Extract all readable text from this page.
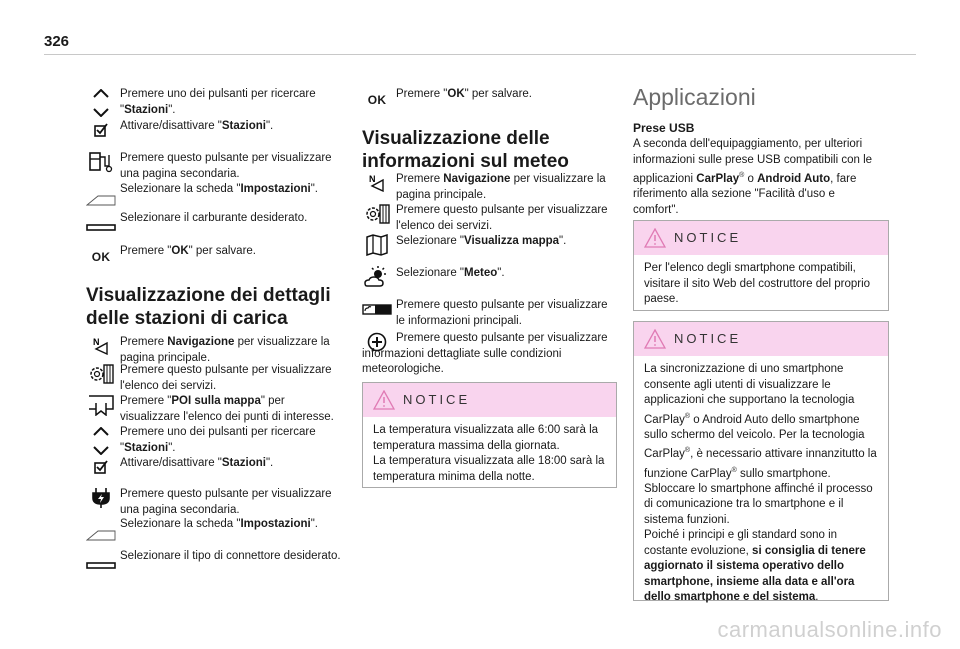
326
Premere uno dei pulsanti per ricercare "Stazioni".
Attivare/disattivare "Stazioni".
Premere questo pulsante per visualizzare una pagina secondaria.
Selezionare la scheda "Impostazioni".
Selezionare il carburante desiderato.
OK Premere "OK" per salvare.
Visualizzazione dei dettagli delle stazioni di carica
N Premere Navigazione per visualizzare la pagina principale.
Premere questo pulsante per visualizzare l'elenco dei servizi.
Premere "POI sulla mappa" per visualizzare l'elenco dei punti di interesse.
Premere uno dei pulsanti per ricercare "Stazioni".
Attivare/disattivare "Stazioni".
Premere questo pulsante per visualizzare una pagina secondaria.
Selezionare la scheda "Impostazioni".
Selezionare il tipo di connettore desiderato.
OK Premere "OK" per salvare.
Visualizzazione delle informazioni sul meteo
N Premere Navigazione per visualizzare la pagina principale.
Premere questo pulsante per visualizzare l'elenco dei servizi.
Selezionare "Visualizza mappa".
Selezionare "Meteo".
Premere questo pulsante per visualizzare le informazioni principali.
Premere questo pulsante per visualizzare informazioni dettagliate sulle condizioni meteorologiche.
NOTICE
La temperatura visualizzata alle 6:00 sarà la temperatura massima della giornata.
La temperatura visualizzata alle 18:00 sarà la temperatura minima della notte.
Applicazioni
Prese USB
A seconda dell'equipaggiamento, per ulteriori informazioni sulle prese USB compatibili con le applicazioni CarPlay® o Android Auto, fare riferimento alla sezione "Facilità d'uso e comfort".
NOTICE
Per l'elenco degli smartphone compatibili, visitare il sito Web del costruttore del proprio paese.
NOTICE
La sincronizzazione di uno smartphone consente agli utenti di visualizzare le applicazioni che supportano la tecnologia CarPlay® o Android Auto dello smartphone sullo schermo del veicolo. Per la tecnologia CarPlay®, è necessario attivare innanzitutto la funzione CarPlay® sullo smartphone.
Sbloccare lo smartphone affinché il processo di comunicazione tra lo smartphone e il sistema funzioni.
Poiché i principi e gli standard sono in costante evoluzione, si consiglia di tenere aggiornato il sistema operativo dello smartphone, insieme alla data e all'ora dello smartphone e del sistema.
carmanualsonline.info
